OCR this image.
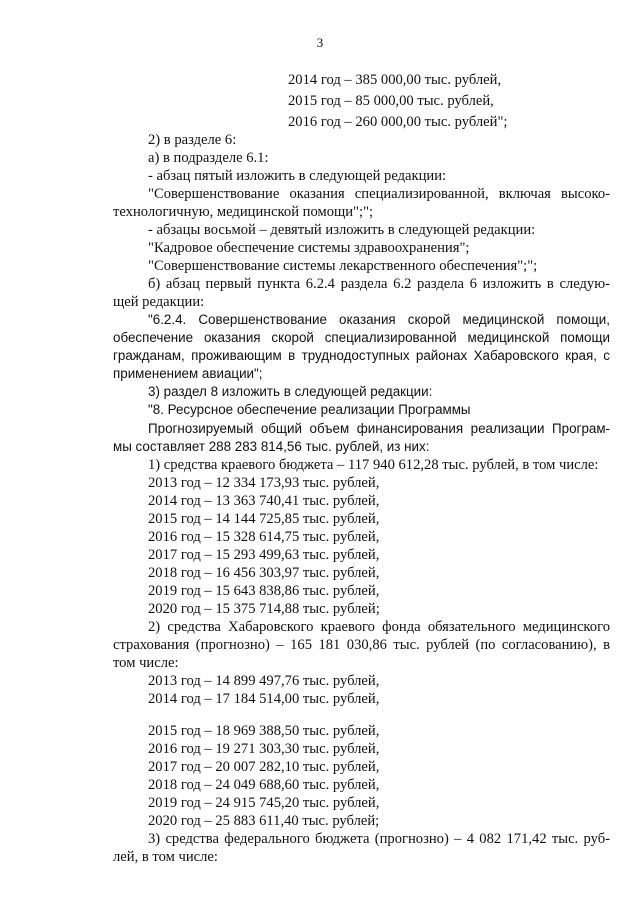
3
2014 год – 385 000,00 тыс. рублей,
2015 год – 85 000,00 тыс. рублей,
2016 год – 260 000,00 тыс. рублей";
2) в разделе 6:
а) в подразделе 6.1:
- абзац пятый изложить в следующей редакции:
"Совершенствование оказания специализированной, включая высоко-
технологичную, медицинской помощи";";
- абзацы восьмой – девятый изложить в следующей редакции:
"Кадровое обеспечение системы здравоохранения";
"Совершенствование системы лекарственного обеспечения";";
б) абзац первый пункта 6.2.4 раздела 6.2 раздела 6 изложить в следую-
щей редакции:
"6.2.4. Совершенствование оказания скорой медицинской помощи,
обеспечение оказания скорой специализированной медицинской помощи
гражданам, проживающим в труднодоступных районах Хабаровского края, с
применением авиации";
3) раздел 8 изложить в следующей редакции:
"8. Ресурсное обеспечение реализации Программы
Прогнозируемый общий объем финансирования реализации Програм-
мы составляет 288 283 814,56 тыс. рублей, из них:
1) средства краевого бюджета – 117 940 612,28 тыс. рублей, в том числе:
2013 год – 12 334 173,93 тыс. рублей,
2014 год – 13 363 740,41 тыс. рублей,
2015 год – 14 144 725,85 тыс. рублей,
2016 год – 15 328 614,75 тыс. рублей,
2017 год – 15 293 499,63 тыс. рублей,
2018 год – 16 456 303,97 тыс. рублей,
2019 год – 15 643 838,86 тыс. рублей,
2020 год – 15 375 714,88 тыс. рублей;
2) средства Хабаровского краевого фонда обязательного медицинского
страхования (прогнозно) – 165 181 030,86 тыс. рублей (по согласованию), в
том числе:
2013 год – 14 899 497,76 тыс. рублей,
2014 год – 17 184 514,00 тыс. рублей,
2015 год – 18 969 388,50 тыс. рублей,
2016 год – 19 271 303,30 тыс. рублей,
2017 год – 20 007 282,10 тыс. рублей,
2018 год – 24 049 688,60 тыс. рублей,
2019 год – 24 915 745,20 тыс. рублей,
2020 год – 25 883 611,40 тыс. рублей;
3) средства федерального бюджета (прогнозно) – 4 082 171,42 тыс. руб-
лей, в том числе:
